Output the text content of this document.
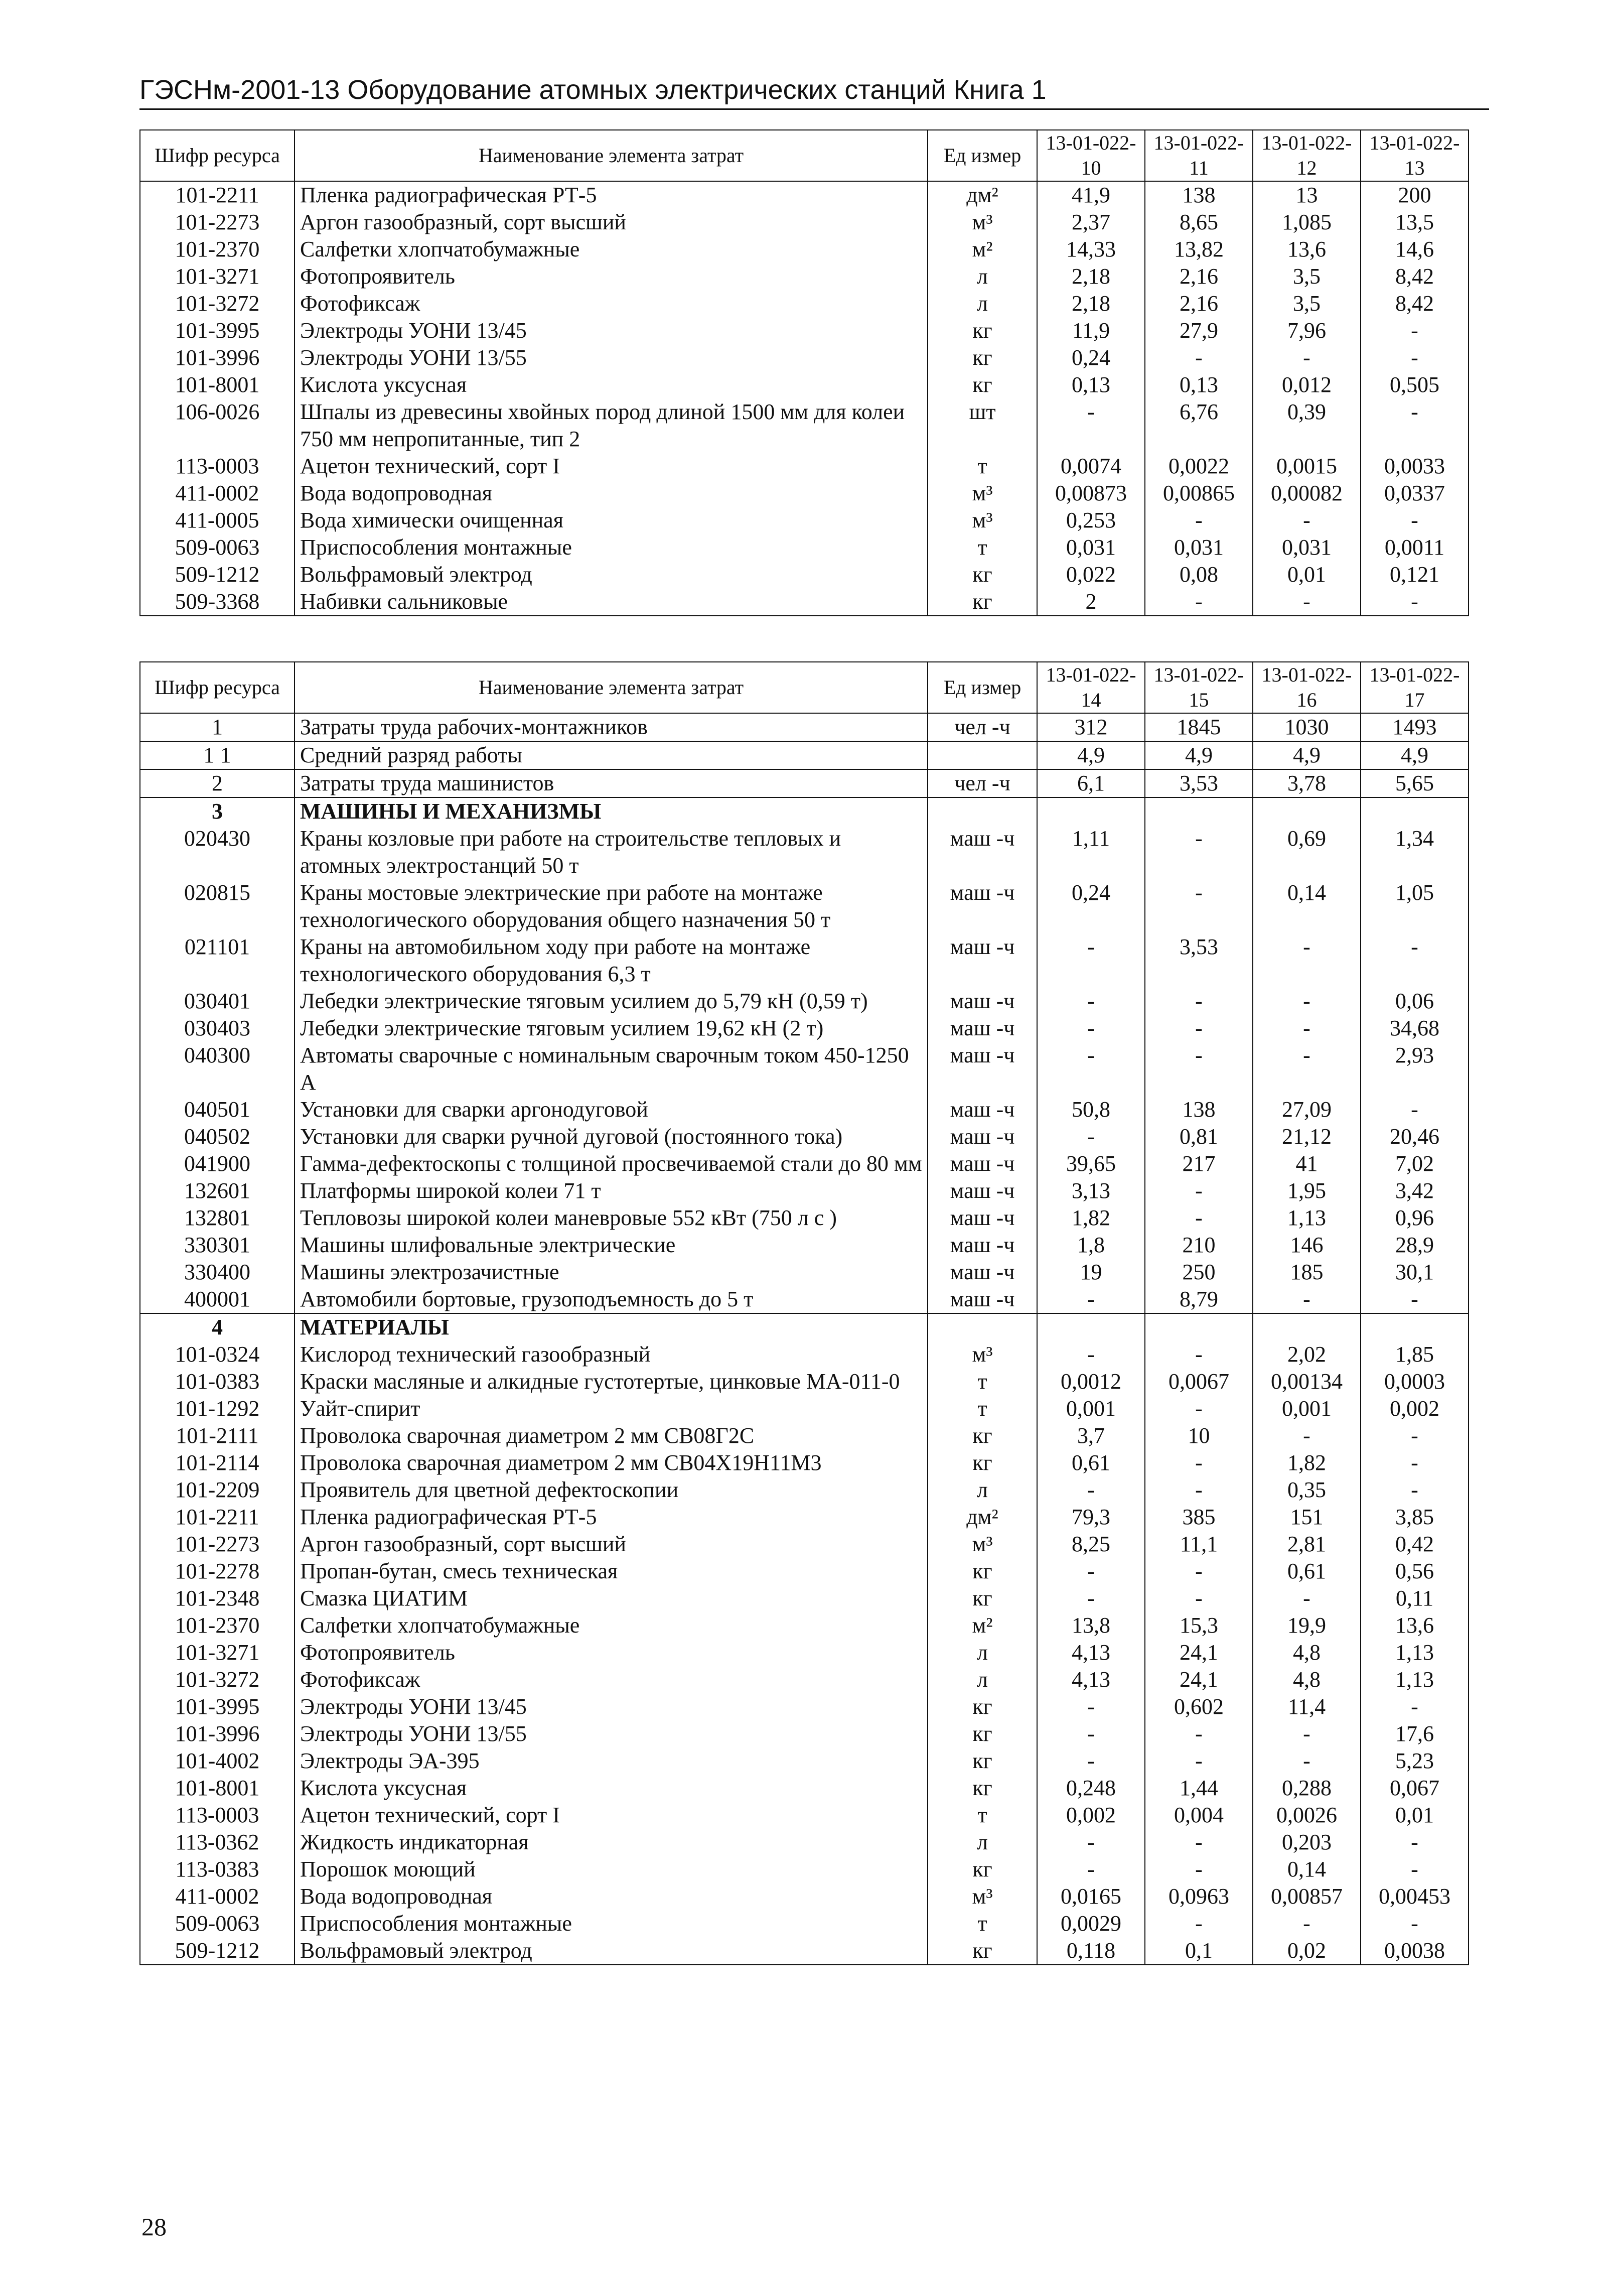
ГЭСНм-2001-13 Оборудование атомных электрических станций Книга 1
Шифр ресурса	Наименование элемента затрат	Ед измер	13-01-022-10	13-01-022-11	13-01-022-12	13-01-022-13
101-2211	Пленка радиографическая РТ-5	дм²	41,9	138	13	200
101-2273	Аргон газообразный, сорт высший	м³	2,37	8,65	1,085	13,5
101-2370	Салфетки хлопчатобумажные	м²	14,33	13,82	13,6	14,6
101-3271	Фотопроявитель	л	2,18	2,16	3,5	8,42
101-3272	Фотофиксаж	л	2,18	2,16	3,5	8,42
101-3995	Электроды УОНИ 13/45	кг	11,9	27,9	7,96	-
101-3996	Электроды УОНИ 13/55	кг	0,24	-	-	-
101-8001	Кислота уксусная	кг	0,13	0,13	0,012	0,505
106-0026	Шпалы из древесины хвойных пород длиной 1500 мм для колеи 750 мм непропитанные, тип 2	шт	-	6,76	0,39	-
113-0003	Ацетон технический, сорт I	т	0,0074	0,0022	0,0015	0,0033
411-0002	Вода водопроводная	м³	0,00873	0,00865	0,00082	0,0337
411-0005	Вода химически очищенная	м³	0,253	-	-	-
509-0063	Приспособления монтажные	т	0,031	0,031	0,031	0,0011
509-1212	Вольфрамовый электрод	кг	0,022	0,08	0,01	0,121
509-3368	Набивки сальниковые	кг	2	-	-	-
Шифр ресурса	Наименование элемента затрат	Ед измер	13-01-022-14	13-01-022-15	13-01-022-16	13-01-022-17
1	Затраты труда рабочих-монтажников	чел -ч	312	1845	1030	1493
1 1	Средний разряд работы		4,9	4,9	4,9	4,9
2	Затраты труда машинистов	чел -ч	6,1	3,53	3,78	5,65
3	МАШИНЫ И МЕХАНИЗМЫ					
020430	Краны козловые при работе на строительстве тепловых и атомных электростанций 50 т	маш -ч	1,11	-	0,69	1,34
020815	Краны мостовые электрические при работе на монтаже технологического оборудования общего назначения 50 т	маш -ч	0,24	-	0,14	1,05
021101	Краны на автомобильном ходу при работе на монтаже технологического оборудования 6,3 т	маш -ч	-	3,53	-	-
030401	Лебедки электрические тяговым усилием до 5,79 кН (0,59 т)	маш -ч	-	-	-	0,06
030403	Лебедки электрические тяговым усилием 19,62 кН (2 т)	маш -ч	-	-	-	34,68
040300	Автоматы сварочные с номинальным сварочным током 450-1250 А	маш -ч	-	-	-	2,93
040501	Установки для сварки аргонодуговой	маш -ч	50,8	138	27,09	-
040502	Установки для сварки ручной дуговой (постоянного тока)	маш -ч	-	0,81	21,12	20,46
041900	Гамма-дефектоскопы с толщиной просвечиваемой стали до 80 мм	маш -ч	39,65	217	41	7,02
132601	Платформы широкой колеи 71 т	маш -ч	3,13	-	1,95	3,42
132801	Тепловозы широкой колеи маневровые 552 кВт (750 л с )	маш -ч	1,82	-	1,13	0,96
330301	Машины шлифовальные электрические	маш -ч	1,8	210	146	28,9
330400	Машины электрозачистные	маш -ч	19	250	185	30,1
400001	Автомобили бортовые, грузоподъемность до 5 т	маш -ч	-	8,79	-	-
4	МАТЕРИАЛЫ					
101-0324	Кислород технический газообразный	м³	-	-	2,02	1,85
101-0383	Краски масляные и алкидные густотертые, цинковые МА-011-0	т	0,0012	0,0067	0,00134	0,0003
101-1292	Уайт-спирит	т	0,001	-	0,001	0,002
101-2111	Проволока сварочная диаметром 2 мм СВ08Г2С	кг	3,7	10	-	-
101-2114	Проволока сварочная диаметром 2 мм СВ04Х19Н11М3	кг	0,61	-	1,82	-
101-2209	Проявитель для цветной дефектоскопии	л	-	-	0,35	-
101-2211	Пленка радиографическая РТ-5	дм²	79,3	385	151	3,85
101-2273	Аргон газообразный, сорт высший	м³	8,25	11,1	2,81	0,42
101-2278	Пропан-бутан, смесь техническая	кг	-	-	0,61	0,56
101-2348	Смазка ЦИАТИМ	кг	-	-	-	0,11
101-2370	Салфетки хлопчатобумажные	м²	13,8	15,3	19,9	13,6
101-3271	Фотопроявитель	л	4,13	24,1	4,8	1,13
101-3272	Фотофиксаж	л	4,13	24,1	4,8	1,13
101-3995	Электроды УОНИ 13/45	кг	-	0,602	11,4	-
101-3996	Электроды УОНИ 13/55	кг	-	-	-	17,6
101-4002	Электроды ЭА-395	кг	-	-	-	5,23
101-8001	Кислота уксусная	кг	0,248	1,44	0,288	0,067
113-0003	Ацетон технический, сорт I	т	0,002	0,004	0,0026	0,01
113-0362	Жидкость индикаторная	л	-	-	0,203	-
113-0383	Порошок моющий	кг	-	-	0,14	-
411-0002	Вода водопроводная	м³	0,0165	0,0963	0,00857	0,00453
509-0063	Приспособления монтажные	т	0,0029	-	-	-
509-1212	Вольфрамовый электрод	кг	0,118	0,1	0,02	0,0038
28
